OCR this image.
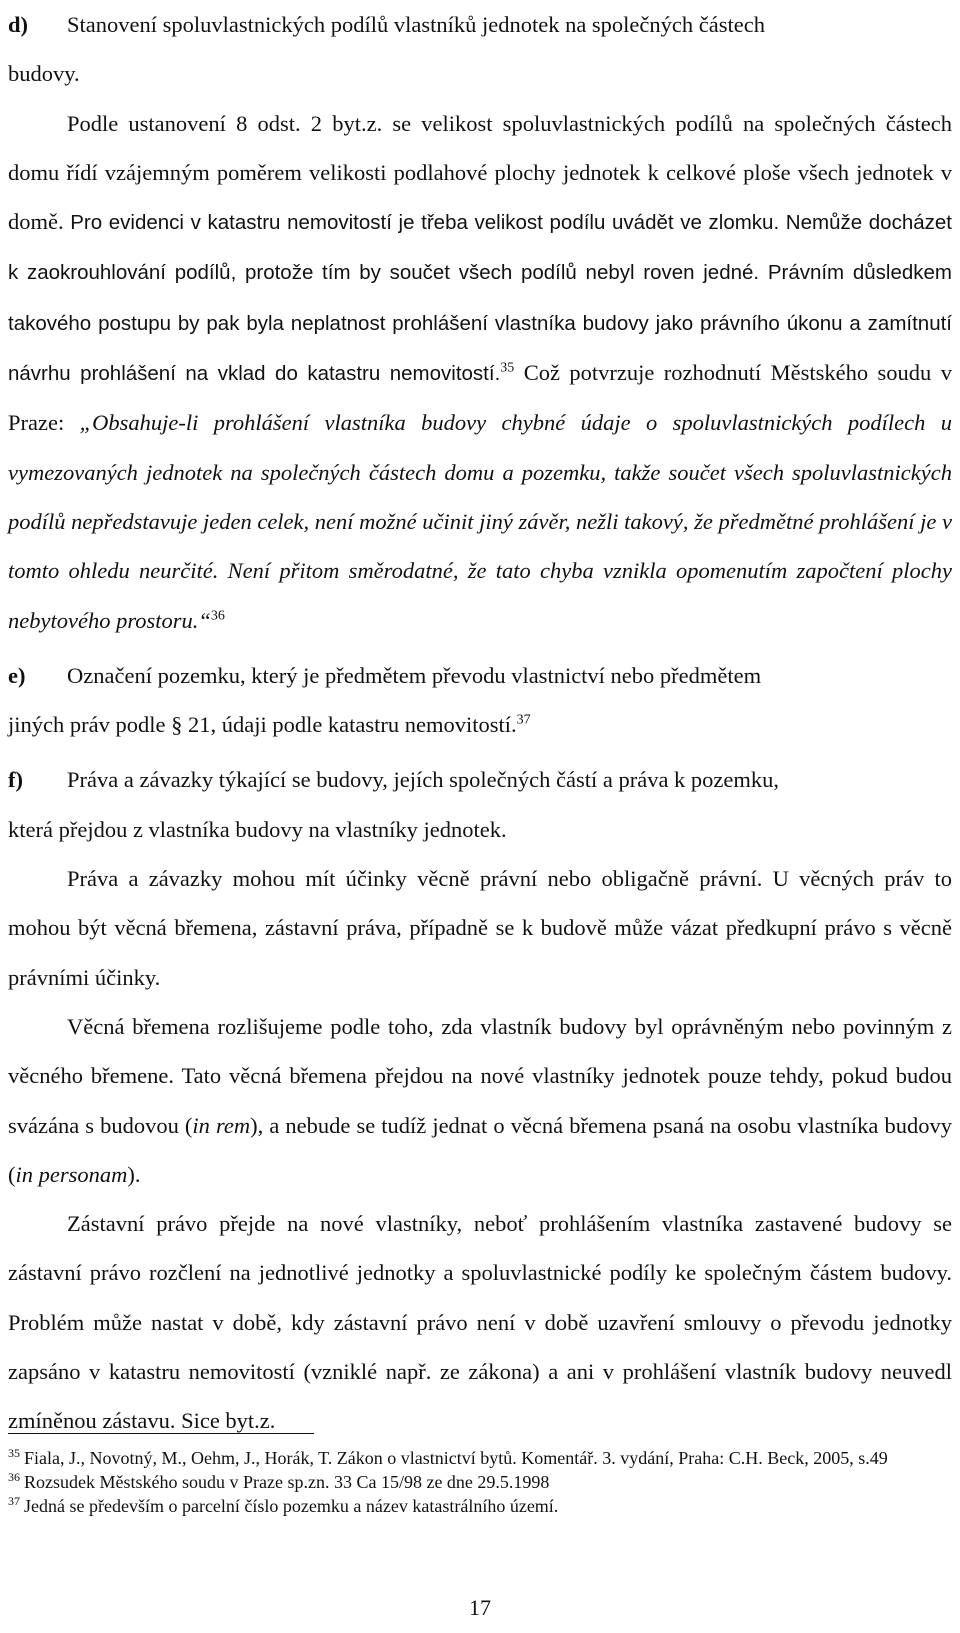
d)	Stanovení spoluvlastnických podílů vlastníků jednotek na společných částech

budovy.

Podle ustanovení 8 odst. 2 byt.z. se velikost spoluvlastnických podílů na společných částech domu řídí vzájemným poměrem velikosti podlahové plochy jednotek k celkové ploše všech jednotek v domě. Pro evidenci v katastru nemovitostí je třeba velikost podílu uvádět ve zlomku. Nemůže docházet k zaokrouhlování podílů, protože tím by součet všech podílů nebyl roven jedné. Právním důsledkem takového postupu by pak byla neplatnost prohlášení vlastníka budovy jako právního úkonu a zamítnutí návrhu prohlášení na vklad do katastru nemovitostí.$^{35}$ Což potvrzuje rozhodnutí Městského soudu v Praze: „Obsahuje-li prohlášení vlastníka budovy chybné údaje o spoluvlastnických podílech u vymezovaných jednotek na společných částech domu a pozemku, takže součet všech spoluvlastnických podílů nepředstavuje jeden celek, není možné učinit jiný závěr, nežli takový, že předmětné prohlášení je v tomto ohledu neurčité. Není přitom směrodatné, že tato chyba vznikla opomenutím započtení plochy nebytového prostoru.“$^{36}$

e)	Označení pozemku, který je předmětem převodu vlastnictví nebo předmětem

jiných práv podle § 21, údaji podle katastru nemovitostí.$^{37}$

f)	Práva a závazky týkající se budovy, jejích společných částí a práva k pozemku,

která přejdou z vlastníka budovy na vlastníky jednotek.

Práva a závazky mohou mít účinky věcně právní nebo obligačně právní. U věcných práv to mohou být věcná břemena, zástavní práva, případně se k budově může vázat předkupní právo s věcně právními účinky.

Věcná břemena rozlišujeme podle toho, zda vlastník budovy byl oprávněným nebo povinným z věcného břemene. Tato věcná břemena přejdou na nové vlastníky jednotek pouze tehdy, pokud budou svázána s budovou (in rem), a nebude se tudíž jednat o věcná břemena psaná na osobu vlastníka budovy (in personam).

Zástavní právo přejde na nové vlastníky, neboť prohlášením vlastníka zastavené budovy se zástavní právo rozčlení na jednotlivé jednotky a spoluvlastnické podíly ke společným částem budovy. Problém může nastat v době, kdy zástavní právo není v době uzavření smlouvy o převodu jednotky zapsáno v katastru nemovitostí (vzniklé např. ze zákona) a ani v prohlášení vlastník budovy neuvedl zmíněnou zástavu. Sice byt.z.

$^{35}$ Fiala, J., Novotný, M., Oehm, J., Horák, T. Zákon o vlastnictví bytů. Komentář. 3. vydání, Praha: C.H. Beck, 2005, s.49

$^{36}$ Rozsudek Městského soudu v Praze sp.zn. 33 Ca 15/98 ze dne 29.5.1998

$^{37}$ Jedná se především o parcelní číslo pozemku a název katastrálního území.

17
